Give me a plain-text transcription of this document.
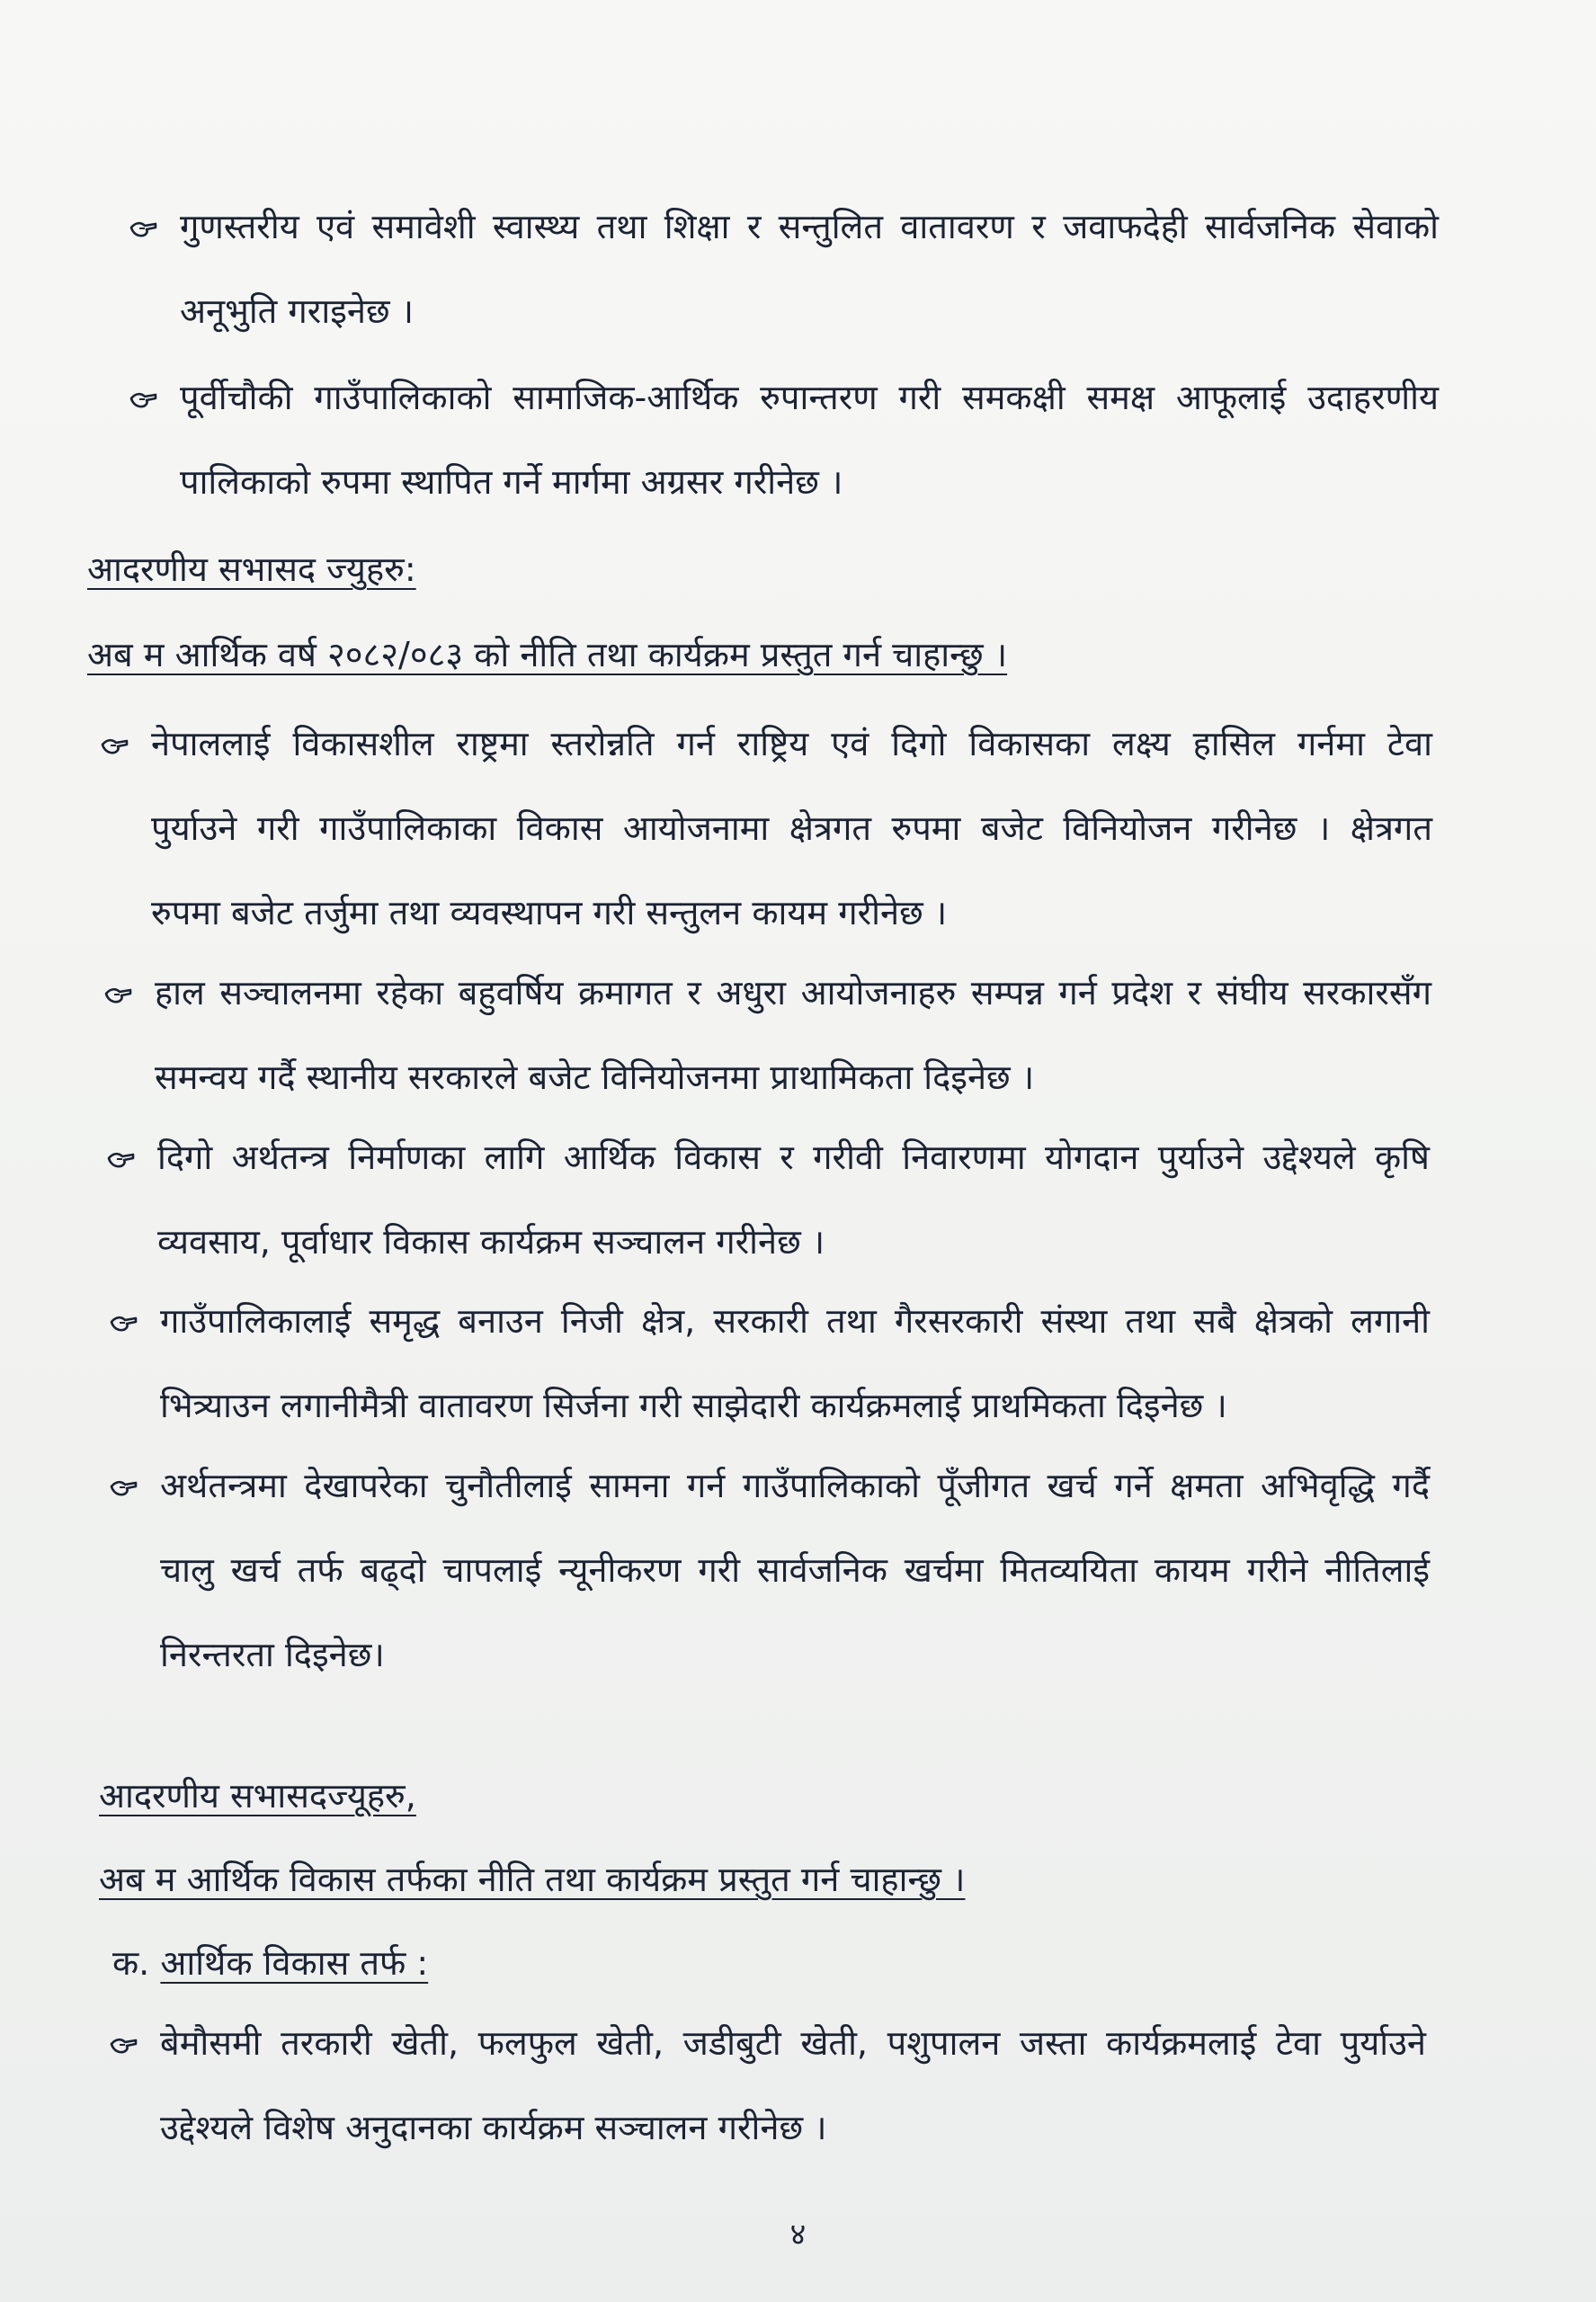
गुणस्तरीय एवं समावेशी स्वास्थ्य तथा शिक्षा र सन्तुलित वातावरण र जवाफदेही सार्वजनिक सेवाको
अनूभुति गराइनेछ ।
पूर्वीचौकी गाउँपालिकाको सामाजिक-आर्थिक रुपान्तरण गरी समकक्षी समक्ष आफूलाई उदाहरणीय
पालिकाको रुपमा स्थापित गर्ने मार्गमा अग्रसर गरीनेछ ।
आदरणीय सभासद ज्युहरु:
अब म आर्थिक वर्ष २०८२/०८३ को नीति तथा कार्यक्रम प्रस्तुत गर्न चाहान्छु ।
नेपाललाई विकासशील राष्ट्रमा स्तरोन्नति गर्न राष्ट्रिय एवं दिगो विकासका लक्ष्य हासिल गर्नमा टेवा
पुर्याउने गरी गाउँपालिकाका विकास आयोजनामा क्षेत्रगत रुपमा बजेट विनियोजन गरीनेछ । क्षेत्रगत
रुपमा बजेट तर्जुमा तथा व्यवस्थापन गरी सन्तुलन कायम गरीनेछ ।
हाल सञ्चालनमा रहेका बहुवर्षिय क्रमागत र अधुरा आयोजनाहरु सम्पन्न गर्न प्रदेश र संघीय सरकारसँग
समन्वय गर्दै स्थानीय सरकारले बजेट विनियोजनमा प्राथामिकता दिइनेछ ।
दिगो अर्थतन्त्र निर्माणका लागि आर्थिक विकास र गरीवी निवारणमा योगदान पुर्याउने उद्देश्यले कृषि
व्यवसाय, पूर्वाधार विकास कार्यक्रम सञ्चालन गरीनेछ ।
गाउँपालिकालाई समृद्ध बनाउन निजी क्षेत्र, सरकारी तथा गैरसरकारी संस्था तथा सबै क्षेत्रको लगानी
भित्र्याउन लगानीमैत्री वातावरण सिर्जना गरी साझेदारी कार्यक्रमलाई प्राथमिकता दिइनेछ ।
अर्थतन्त्रमा देखापरेका चुनौतीलाई सामना गर्न गाउँपालिकाको पूँजीगत खर्च गर्ने क्षमता अभिवृद्धि गर्दै
चालु खर्च तर्फ बढ्दो चापलाई न्यूनीकरण गरी सार्वजनिक खर्चमा मितव्ययिता कायम गरीने नीतिलाई
निरन्तरता दिइनेछ।
आदरणीय सभासदज्यूहरु,
अब म आर्थिक विकास तर्फका नीति तथा कार्यक्रम प्रस्तुत गर्न चाहान्छु ।
क. आर्थिक विकास तर्फ :
बेमौसमी तरकारी खेती, फलफुल खेती, जडीबुटी खेती, पशुपालन जस्ता कार्यक्रमलाई टेवा पुर्याउने
उद्देश्यले विशेष अनुदानका कार्यक्रम सञ्चालन गरीनेछ ।
४
